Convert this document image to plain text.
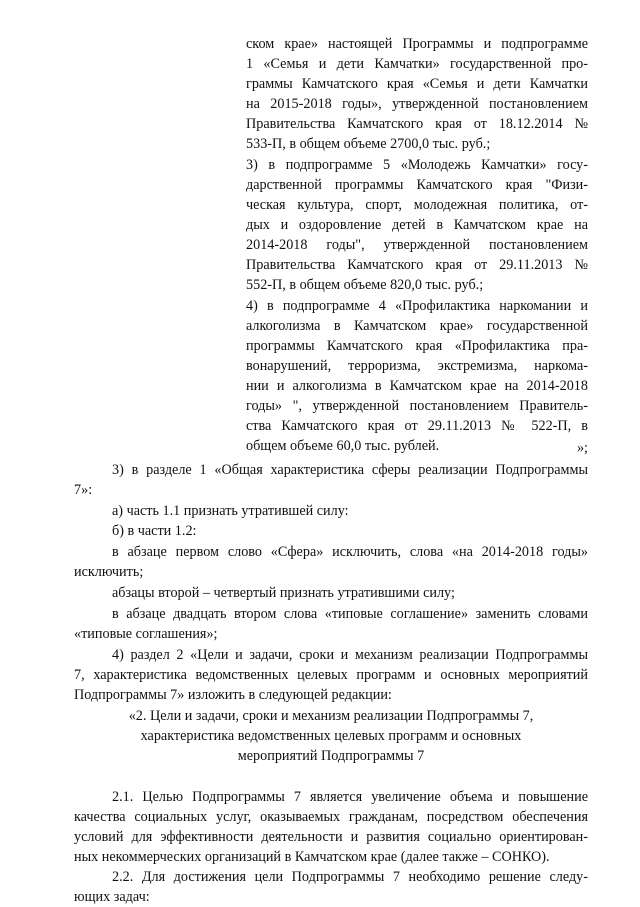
ском крае» настоящей Программы и подпрограмме
1 «Семья и дети Камчатки» государственной про-
граммы Камчатского края «Семья и дети Камчатки
на 2015-2018 годы», утвержденной постановлением
Правительства Камчатского края от 18.12.2014 №
533-П, в общем объеме 2700,0 тыс. руб.;
3) в подпрограмме 5 «Молодежь Камчатки» госу-
дарственной программы Камчатского края "Физи-
ческая культура, спорт, молодежная политика, от-
дых и оздоровление детей в Камчатском крае на
2014-2018 годы", утвержденной постановлением
Правительства Камчатского края от 29.11.2013 №
552-П, в общем объеме 820,0 тыс. руб.;
4) в подпрограмме 4 «Профилактика наркомании и
алкоголизма в Камчатском крае» государственной
программы Камчатского края «Профилактика пра-
вонарушений, терроризма, экстремизма, наркома-
нии и алкоголизма в Камчатском крае на 2014-2018
годы» ", утвержденной постановлением Правитель-
ства Камчатского края от 29.11.2013 № 522-П, в
общем объеме 60,0 тыс. рублей.	»;
3) в разделе 1 «Общая характеристика сферы реализации Подпрограммы
7»:
а) часть 1.1 признать утратившей силу:
б) в части 1.2:
в абзаце первом слово «Сфера» исключить, слова «на 2014-2018 годы»
исключить;
абзацы второй – четвертый признать утратившими силу;
в абзаце двадцать втором слова «типовые соглашение» заменить словами
«типовые соглашения»;
4) раздел 2 «Цели и задачи, сроки и механизм реализации Подпрограммы
7, характеристика ведомственных целевых программ и основных мероприятий
Подпрограммы 7» изложить в следующей редакции:
«2. Цели и задачи, сроки и механизм реализации Подпрограммы 7,
характеристика ведомственных целевых программ и основных
мероприятий Подпрограммы 7
2.1. Целью Подпрограммы 7 является увеличение объема и повышение
качества социальных услуг, оказываемых гражданам, посредством обеспечения
условий для эффективности деятельности и развития социально ориентирован-
ных некоммерческих организаций в Камчатском крае (далее также – СОНКО).
2.2. Для достижения цели Подпрограммы 7 необходимо решение следу-
ющих задач:
